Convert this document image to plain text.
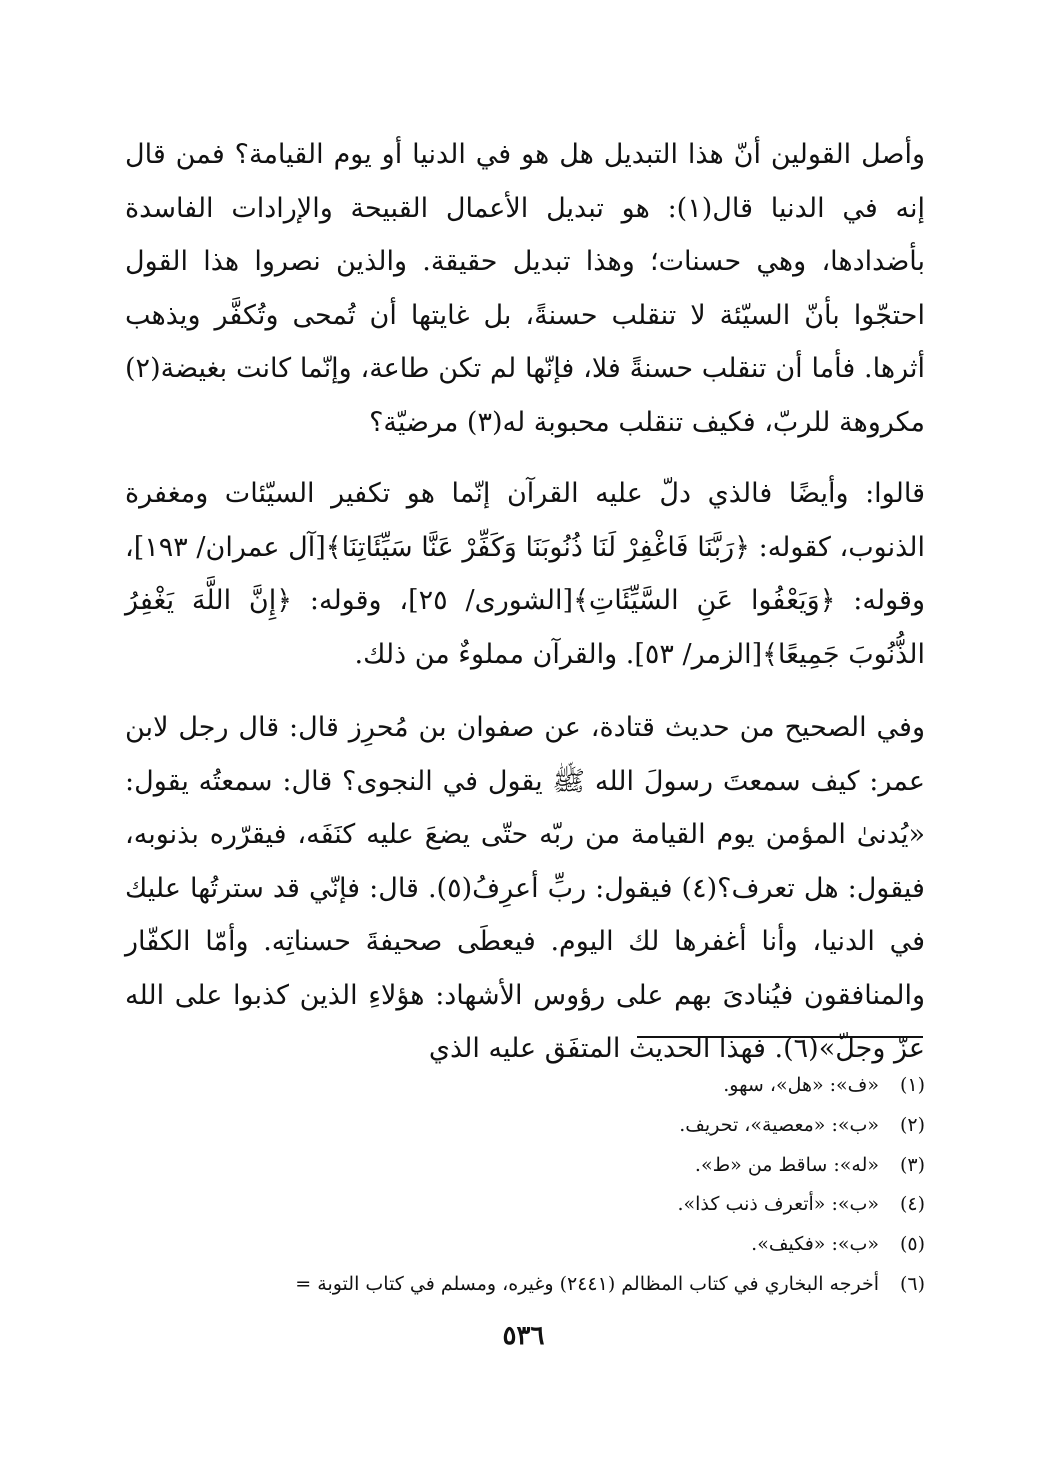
وأصل القولين أنّ هذا التبديل هل هو في الدنيا أو يوم القيامة؟ فمن قال إنه في الدنيا قال(١): هو تبديل الأعمال القبيحة والإرادات الفاسدة بأضدادها، وهي حسنات؛ وهذا تبديل حقيقة. والذين نصروا هذا القول احتجّوا بأنّ السيّئة لا تنقلب حسنةً، بل غايتها أن تُمحى وتُكفَّر ويذهب أثرها. فأما أن تنقلب حسنةً فلا، فإنّها لم تكن طاعة، وإنّما كانت بغيضة(٢) مكروهة للربّ، فكيف تنقلب محبوبة له(٣) مرضيّة؟

قالوا: وأيضًا فالذي دلّ عليه القرآن إنّما هو تكفير السيّئات ومغفرة الذنوب، كقوله: ﴿رَبَّنَا فَاغْفِرْ لَنَا ذُنُوبَنَا وَكَفِّرْ عَنَّا سَيِّئَاتِنَا﴾[آل عمران/ ١٩٣]، وقوله: ﴿وَيَعْفُوا عَنِ السَّيِّئَاتِ﴾[الشورى/ ٢٥]، وقوله: ﴿إِنَّ اللَّهَ يَغْفِرُ الذُّنُوبَ جَمِيعًا﴾[الزمر/ ٥٣]. والقرآن مملوءٌ من ذلك.

وفي الصحيح من حديث قتادة، عن صفوان بن مُحرِز قال: قال رجل لابن عمر: كيف سمعتَ رسولَ الله ﷺ يقول في النجوى؟ قال: سمعتُه يقول: «يُدنىٰ المؤمن يوم القيامة من ربّه حتّى يضعَ عليه كنَفَه، فيقرّره بذنوبه، فيقول: هل تعرف؟(٤) فيقول: ربِّ أعرِفُ(٥). قال: فإنّي قد سترتُها عليك في الدنيا، وأنا أغفرها لك اليوم. فيعطَى صحيفةَ حسناتِه. وأمّا الكفّار والمنافقون فيُنادىَ بهم على رؤوس الأشهاد: هؤلاءِ الذين كذبوا على الله عزّ وجلّ»(٦). فهذا الحديث المتفَق عليه الذي

(١)
«ف»: «هل»، سهو.
(٢)
«ب»: «معصية»، تحريف.
(٣)
«له»: ساقط من «ط».
(٤)
«ب»: «أتعرف ذنب كذا».
(٥)
«ب»: «فكيف».
(٦)
أخرجه البخاري في كتاب المظالم (٢٤٤١) وغيره، ومسلم في كتاب التوبة =
٥٣٦
